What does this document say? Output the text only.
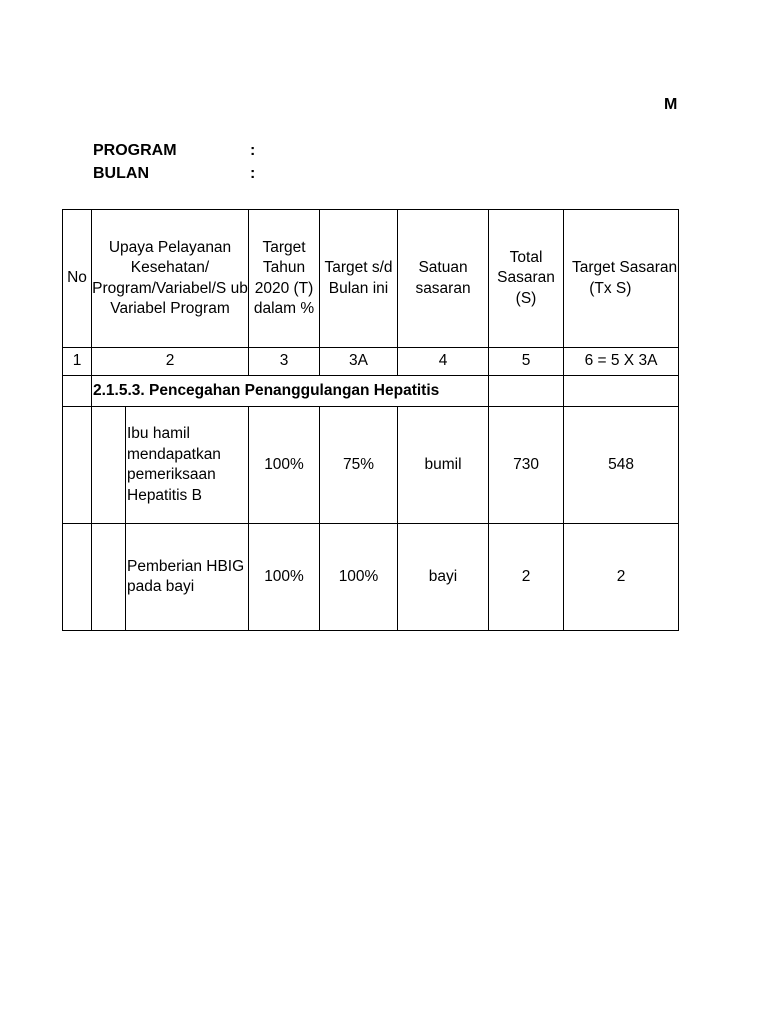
M
PROGRAM	:
BULAN	:
No	Upaya Pelayanan Kesehatan/ Program/Variabel/S ub Variabel Program		Target Tahun 2020 (T) dalam %	Target s/d Bulan ini	Satuan sasaran	Total Sasaran (S)	Target Sasaran
(Tx S)
1	2		3	3A	4	5	6 = 5 X 3A
	2.1.5.3. Pencegahan Penanggulangan Hepatitis						
		Ibu hamil mendapatkan pemeriksaan Hepatitis B	100%	75%	bumil	730	548
		Pemberian HBIG pada bayi	100%	100%	bayi	2	2
